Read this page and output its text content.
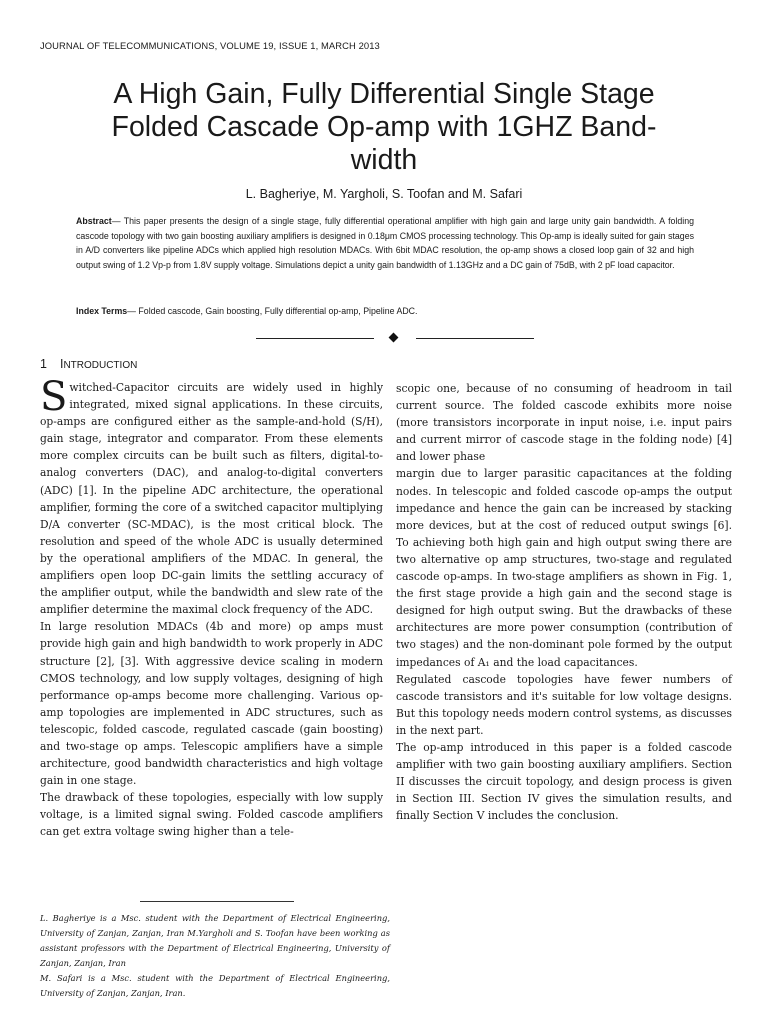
JOURNAL OF TELECOMMUNICATIONS, VOLUME 19, ISSUE 1, MARCH 2013
A High Gain, Fully Differential Single Stage
Folded Cascade Op-amp with 1GHZ Band-
width
L. Bagheriye, M. Yargholi, S. Toofan and M. Safari
Abstract— This paper presents the design of a single stage, fully differential operational amplifier with high gain and large unity gain bandwidth. A folding cascode topology with two gain boosting auxiliary amplifiers is designed in 0.18μm CMOS processing technology. This Op-amp is ideally suited for gain stages in A/D converters like pipeline ADCs which applied high resolution MDACs. With 6bit MDAC resolution, the op-amp shows a closed loop gain of 32 and high output swing of 1.2 Vp-p from 1.8V supply voltage. Simulations depict a unity gain bandwidth of 1.13GHz and a DC gain of 75dB, with 2 pF load capacitor.
Index Terms— Folded cascode, Gain boosting, Fully differential op-amp, Pipeline ADC.
1 INTRODUCTION

Switched-Capacitor circuits are widely used in highly integrated, mixed signal applications. In these circuits, op-amps are configured either as the sample-and-hold (S/H), gain stage, integrator and comparator. From these elements more complex circuits can be built such as filters, digital-to-analog converters (DAC), and analog-to-digital converters (ADC) [1]. In the pipeline ADC architecture, the operational amplifier, forming the core of a switched capacitor multiplying D/A converter (SC-MDAC), is the most critical block. The resolution and speed of the whole ADC is usually determined by the operational amplifiers of the MDAC. In general, the amplifiers open loop DC-gain limits the settling accuracy of the amplifier output, while the bandwidth and slew rate of the amplifier determine the maximal clock frequency of the ADC.

In large resolution MDACs (4b and more) op amps must provide high gain and high bandwidth to work properly in ADC structure [2], [3]. With aggressive device scaling in modern CMOS technology, and low supply voltages, designing of high performance op-amps become more challenging. Various op-amp topologies are implemented in ADC structures, such as telescopic, folded cascode, regulated cascade (gain boosting) and two-stage op amps. Telescopic amplifiers have a simple architecture, good bandwidth characteristics and high voltage gain in one stage.

The drawback of these topologies, especially with low supply voltage, is a limited signal swing. Folded cascode amplifiers can get extra voltage swing higher than a tele-

scopic one, because of no consuming of headroom in tail current source. The folded cascode exhibits more noise (more transistors incorporate in input noise, i.e. input pairs and current mirror of cascode stage in the folding node) [4] and lower phase

margin due to larger parasitic capacitances at the folding nodes. In telescopic and folded cascode op-amps the output impedance and hence the gain can be increased by stacking more devices, but at the cost of reduced output swings [6]. To achieving both high gain and high output swing there are two alternative op amp structures, two-stage and regulated cascode op-amps. In two-stage amplifiers as shown in Fig. 1, the first stage provide a high gain and the second stage is designed for high output swing. But the drawbacks of these architectures are more power consumption (contribution of two stages) and the non-dominant pole formed by the output impedances of A₁ and the load capacitances.

Regulated cascode topologies have fewer numbers of cascode transistors and it's suitable for low voltage designs. But this topology needs modern control systems, as discusses in the next part.

The op-amp introduced in this paper is a folded cascode amplifier with two gain boosting auxiliary amplifiers. Section II discusses the circuit topology, and design process is given in Section III. Section IV gives the simulation results, and finally Section V includes the conclusion.

L. Bagheriye is a Msc. student with the Department of Electrical Engineering, University of Zanjan, Zanjan, Iran M.Yargholi and S. Toofan have been working as assistant professors with the Department of Electrical Engineering, University of Zanjan, Zanjan, Iran

M. Safari is a Msc. student with the Department of Electrical Engineering, University of Zanjan, Zanjan, Iran.
